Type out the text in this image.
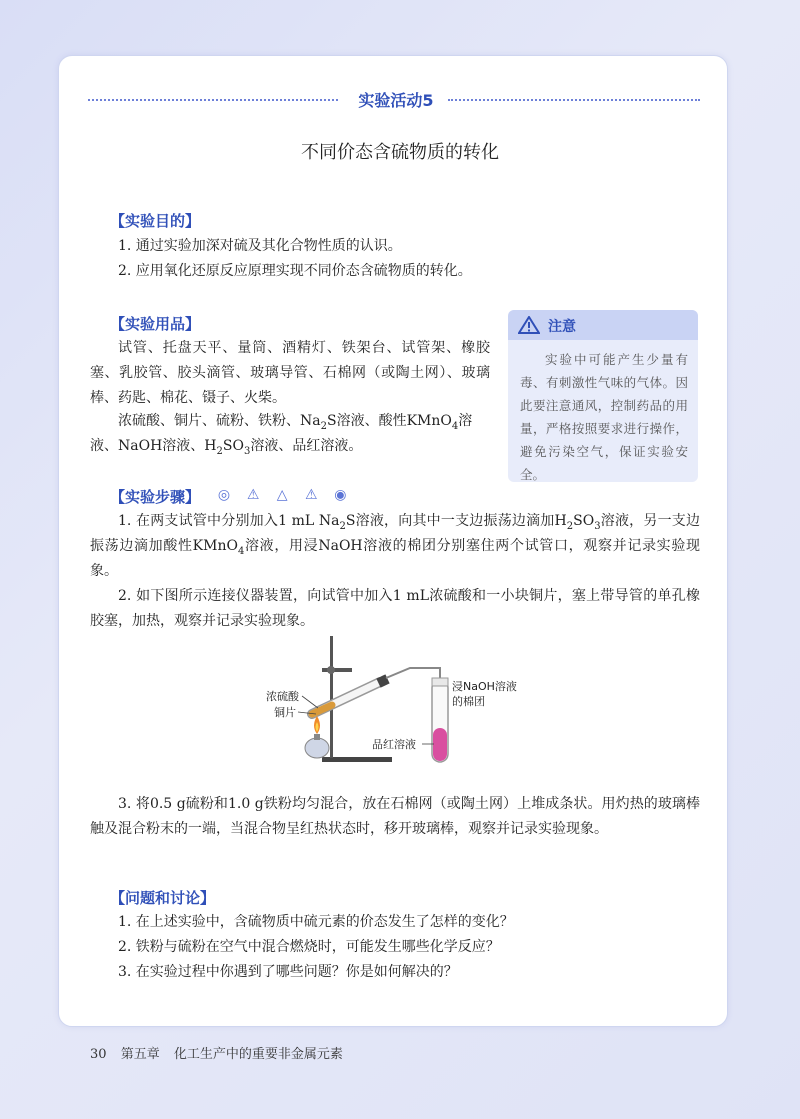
实验活动5
不同价态含硫物质的转化
【实验目的】
1. 通过实验加深对硫及其化合物性质的认识。
2. 应用氧化还原反应原理实现不同价态含硫物质的转化。
【实验用品】
试管、托盘天平、量筒、酒精灯、铁架台、试管架、橡胶塞、乳胶管、胶头滴管、玻璃导管、石棉网（或陶土网）、玻璃棒、药匙、棉花、镊子、火柴。
浓硫酸、铜片、硫粉、铁粉、$Na_2S$溶液、酸性KMnO$_4$溶液、NaOH溶液、$H_2SO_3$溶液、品红溶液。
注意
实验中可能产生少量有毒、有刺激性气味的气体。因此要注意通风，控制药品的用量，严格按照要求进行操作，避免污染空气，保证实验安全。
【实验步骤】 ◎ ⚠ △ ⚠ ◉
1. 在两支试管中分别加入1 mL $Na_2S$溶液，向其中一支边振荡边滴加$H_2SO_3$溶液，另一支边振荡边滴加酸性KMnO$_4$溶液，用浸NaOH溶液的棉团分别塞住两个试管口，观察并记录实验现象。
2. 如下图所示连接仪器装置，向试管中加入1 mL浓硫酸和一小块铜片，塞上带导管的单孔橡胶塞，加热，观察并记录实验现象。
浓硫酸
铜片
浸NaOH溶液
的棉团
品红溶液
3. 将0.5 g硫粉和1.0 g铁粉均匀混合，放在石棉网（或陶土网）上堆成条状。用灼热的玻璃棒触及混合粉末的一端，当混合物呈红热状态时，移开玻璃棒，观察并记录实验现象。
【问题和讨论】
1. 在上述实验中，含硫物质中硫元素的价态发生了怎样的变化？
2. 铁粉与硫粉在空气中混合燃烧时，可能发生哪些化学反应？
3. 在实验过程中你遇到了哪些问题？你是如何解决的？
30 第五章 化工生产中的重要非金属元素
